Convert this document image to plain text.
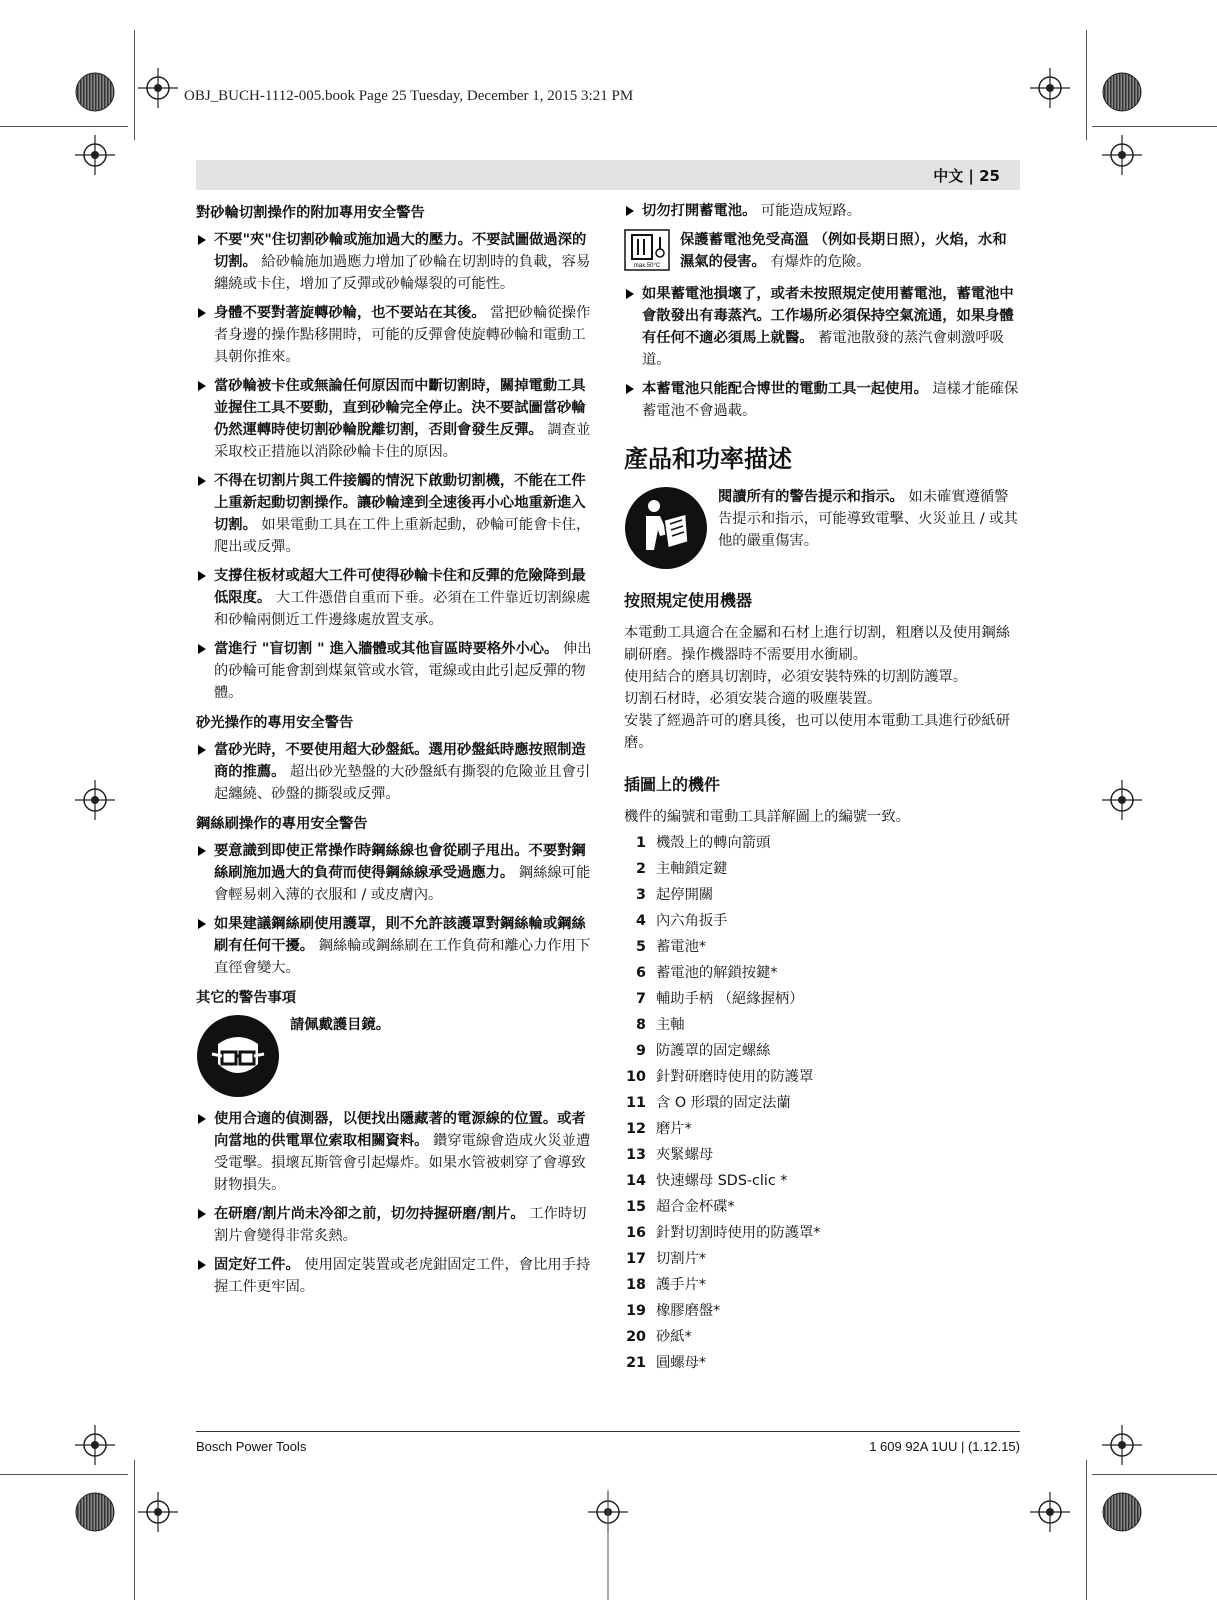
OBJ_BUCH-1112-005.book Page 25 Tuesday, December 1, 2015 3:21 PM
中文 | 25
對砂輪切割操作的附加專用安全警告
不要"夾"住切割砂輪或施加過大的壓力。不要試圖做過深的切割。 給砂輪施加過應力增加了砂輪在切割時的負載，容易纏繞或卡住，增加了反彈或砂輪爆裂的可能性。
身體不要對著旋轉砂輪，也不要站在其後。 當把砂輪從操作者身邊的操作點移開時，可能的反彈會使旋轉砂輪和電動工具朝你推來。
當砂輪被卡住或無論任何原因而中斷切割時，關掉電動工具並握住工具不要動，直到砂輪完全停止。決不要試圖當砂輪仍然運轉時使切割砂輪脫離切割，否則會發生反彈。 調查並采取校正措施以消除砂輪卡住的原因。
不得在切割片與工件接觸的情況下啟動切割機，不能在工件上重新起動切割操作。讓砂輪達到全速後再小心地重新進入切割。 如果電動工具在工件上重新起動，砂輪可能會卡住，爬出或反彈。
支撐住板材或超大工件可使得砂輪卡住和反彈的危險降到最低限度。 大工件憑借自重而下垂。必須在工件靠近切割線處和砂輪兩側近工件邊緣處放置支承。
當進行 "盲切割 " 進入牆體或其他盲區時要格外小心。 伸出的砂輪可能會割到煤氣管或水管，電線或由此引起反彈的物體。
砂光操作的專用安全警告
當砂光時，不要使用超大砂盤紙。選用砂盤紙時應按照制造商的推薦。 超出砂光墊盤的大砂盤紙有撕裂的危險並且會引起纏繞、砂盤的撕裂或反彈。
鋼絲刷操作的專用安全警告
要意識到即使正常操作時鋼絲線也會從刷子甩出。不要對鋼絲刷施加過大的負荷而使得鋼絲線承受過應力。 鋼絲線可能會輕易刺入薄的衣服和 / 或皮膚內。
如果建議鋼絲刷使用護罩，則不允許該護罩對鋼絲輪或鋼絲刷有任何干擾。 鋼絲輪或鋼絲刷在工作負荷和離心力作用下直徑會變大。
其它的警告事項
請佩戴護目鏡。
使用合適的偵測器，以便找出隱藏著的電源線的位置。或者向當地的供電單位索取相關資料。 鑽穿電線會造成火災並遭受電擊。損壞瓦斯管會引起爆炸。如果水管被刺穿了會導致財物損失。
在研磨/割片尚未冷卻之前，切勿持握研磨/割片。 工作時切割片會變得非常炙熱。
固定好工件。 使用固定裝置或老虎鉗固定工件，會比用手持握工件更牢固。
切勿打開蓄電池。 可能造成短路。
max.50°C
保護蓄電池免受高溫 （例如長期日照），火焰，水和濕氣的侵害。 有爆炸的危險。
如果蓄電池損壞了，或者未按照規定使用蓄電池，蓄電池中會散發出有毒蒸汽。工作場所必須保持空氣流通，如果身體有任何不適必須馬上就醫。 蓄電池散發的蒸汽會刺激呼吸道。
本蓄電池只能配合博世的電動工具一起使用。 這樣才能確保蓄電池不會過載。
產品和功率描述
閱讀所有的警告提示和指示。 如未確實遵循警告提示和指示，可能導致電擊、火災並且 / 或其他的嚴重傷害。
按照規定使用機器
本電動工具適合在金屬和石材上進行切割，粗磨以及使用鋼絲刷研磨。操作機器時不需要用水衝刷。
使用結合的磨具切割時，必須安裝特殊的切割防護罩。
切割石材時，必須安裝合適的吸塵裝置。
安裝了經過許可的磨具後，也可以使用本電動工具進行砂紙研磨。
插圖上的機件
機件的編號和電動工具詳解圖上的編號一致。
1 機殼上的轉向箭頭
2 主軸鎖定鍵
3 起停開關
4 內六角扳手
5 蓄電池*
6 蓄電池的解鎖按鍵*
7 輔助手柄 （絕緣握柄）
8 主軸
9 防護罩的固定螺絲
10 針對研磨時使用的防護罩
11 含 O 形環的固定法蘭
12 磨片*
13 夾緊螺母
14 快速螺母 SDS-clic *
15 超合金杯碟*
16 針對切割時使用的防護罩*
17 切割片*
18 護手片*
19 橡膠磨盤*
20 砂紙*
21 圓螺母*
Bosch Power Tools	1 609 92A 1UU | (1.12.15)
